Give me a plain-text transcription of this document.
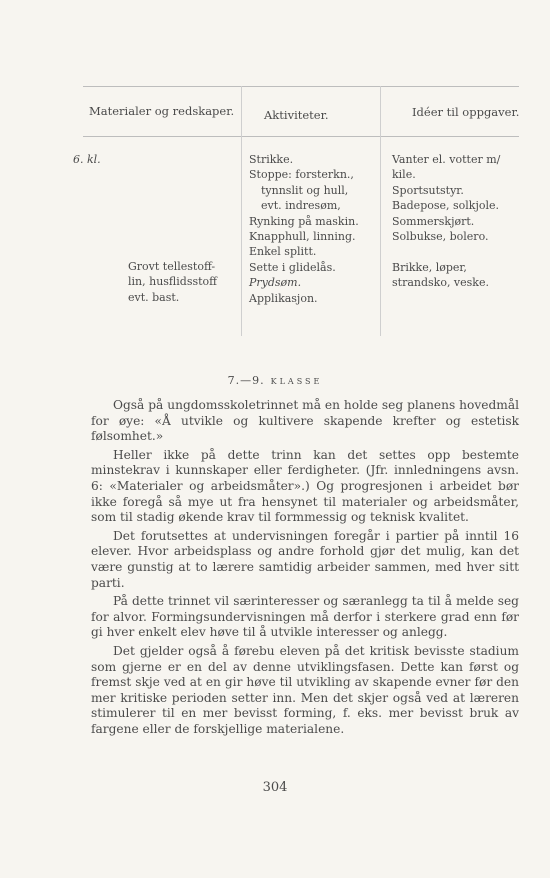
Materialer og redskaper.	Aktiviteter.	Idéer til oppgaver.
6. kl.
Grovt tellestoff-
lin, husflidsstoff
evt. bast.
Strikke.
Stoppe: forsterkn.,
tynnslit og hull,
evt. indresøm,
Rynking på maskin.
Knapphull, linning.
Enkel splitt.
Sette i glidelås.
Prydsøm.
Applikasjon.
Vanter el. votter m/
kile.
Sportsutstyr.
Badepose, solkjole.
Sommerskjørt.
Solbukse, bolero.

Brikke, løper,
strandsko, veske.
7.—9. KLASSE

Også på ungdomsskoletrinnet må en holde seg planens hovedmål for øye: «Å utvikle og kultivere skapende krefter og estetisk følsomhet.»

Heller ikke på dette trinn kan det settes opp bestemte minstekrav i kunnskaper eller ferdigheter. (Jfr. innledningens avsn. 6: «Materialer og arbeidsmåter».) Og progresjonen i arbeidet bør ikke foregå så mye ut fra hensynet til materialer og arbeidsmåter, som til stadig økende krav til formmessig og teknisk kvalitet.

Det forutsettes at undervisningen foregår i partier på inntil 16 elever. Hvor arbeidsplass og andre forhold gjør det mulig, kan det være gunstig at to lærere samtidig arbeider sammen, med hver sitt parti.

På dette trinnet vil særinteresser og særanlegg ta til å melde seg for alvor. Formingsundervisningen må derfor i sterkere grad enn før gi hver enkelt elev høve til å utvikle interesser og anlegg.

Det gjelder også å førebu eleven på det kritisk bevisste stadium som gjerne er en del av denne utviklingsfasen. Dette kan først og fremst skje ved at en gir høve til utvikling av skapende evner før den mer kritiske perioden setter inn. Men det skjer også ved at læreren stimulerer til en mer bevisst forming, f. eks. mer bevisst bruk av fargene eller de forskjellige materialene.

304
